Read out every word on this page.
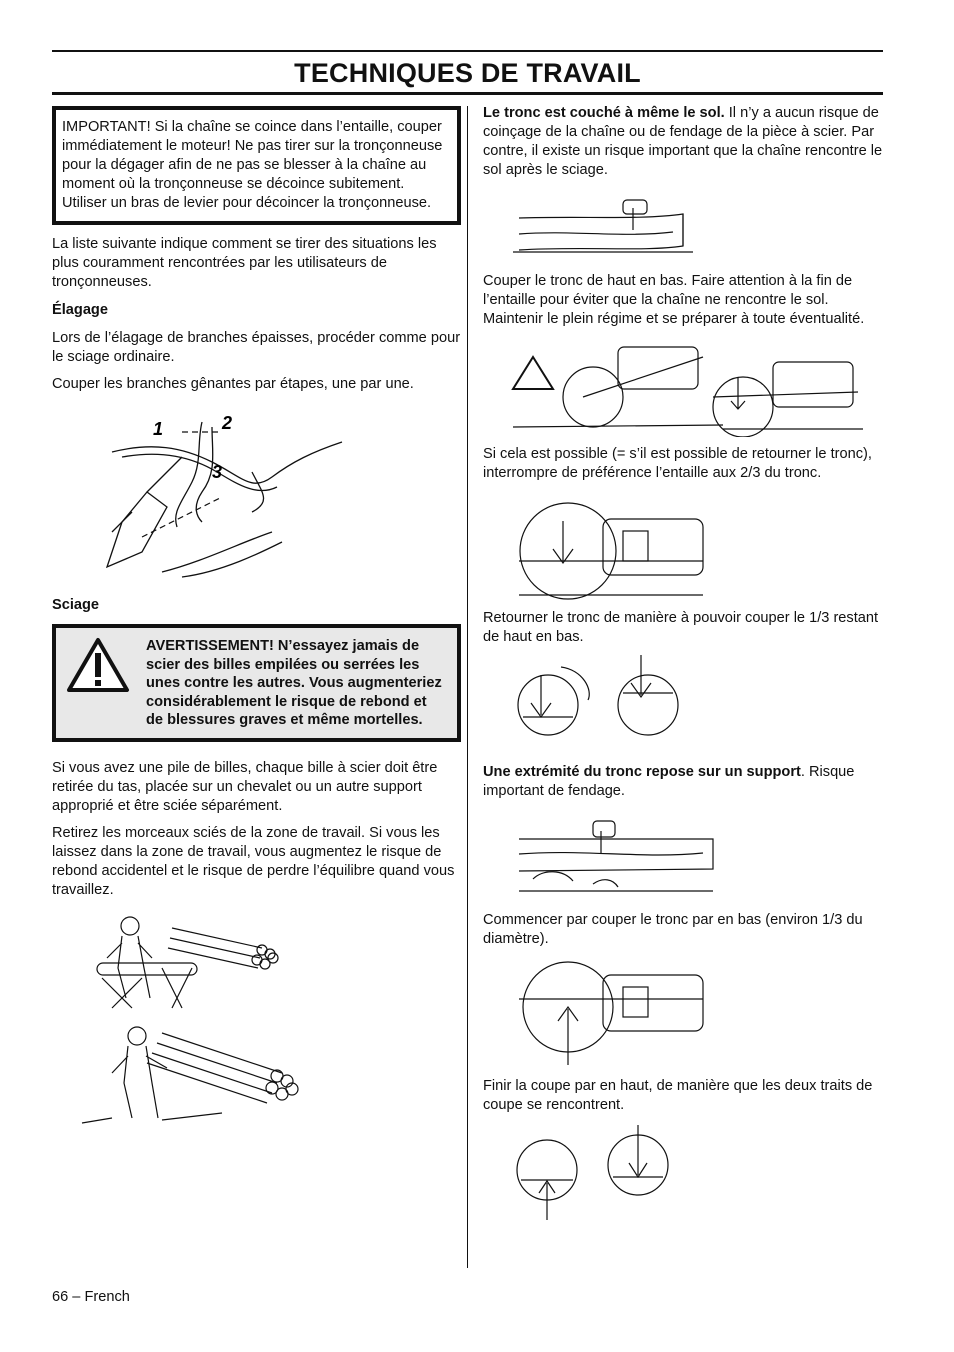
TECHNIQUES DE TRAVAIL

IMPORTANT! Si la chaîne se coince dans l’entaille, couper immédiatement le moteur! Ne pas tirer sur la tronçonneuse pour la dégager afin de ne pas se blesser à la chaîne au moment où la tronçonneuse se décoince subitement. Utiliser un bras de levier pour décoincer la tronçonneuse.

La liste suivante indique comment se tirer des situations les plus couramment rencontrées par les utilisateurs de tronçonneuses.

Élagage

Lors de l’élagage de branches épaisses, procéder comme pour le sciage ordinaire.

Couper les branches gênantes par étapes, une par une.

1	2
3

Sciage

AVERTISSEMENT! N’essayez jamais de scier des billes empilées ou serrées les unes contre les autres. Vous augmenteriez considérablement le risque de rebond et de blessures graves et même mortelles.

Si vous avez une pile de billes, chaque bille à scier doit être retirée du tas, placée sur un chevalet ou un autre support approprié et être sciée séparément.

Retirez les morceaux sciés de la zone de travail. Si vous les laissez dans la zone de travail, vous augmentez le risque de rebond accidentel et le risque de perdre l’équilibre quand vous travaillez.

Le tronc est couché à même le sol. Il n’y a aucun risque de coinçage de la chaîne ou de fendage de la pièce à scier. Par contre, il existe un risque important que la chaîne rencontre le sol après le sciage.

Couper le tronc de haut en bas. Faire attention à la fin de l’entaille pour éviter que la chaîne ne rencontre le sol. Maintenir le plein régime et se préparer à toute éventualité.

Si cela est possible (= s’il est possible de retourner le tronc), interrompre de préférence l’entaille aux 2/3 du tronc.

Retourner le tronc de manière à pouvoir couper le 1/3 restant de haut en bas.

Une extrémité du tronc repose sur un support. Risque important de fendage.

Commencer par couper le tronc par en bas (environ 1/3 du diamètre).

Finir la coupe par en haut, de manière que les deux traits de coupe se rencontrent.

66 – French
